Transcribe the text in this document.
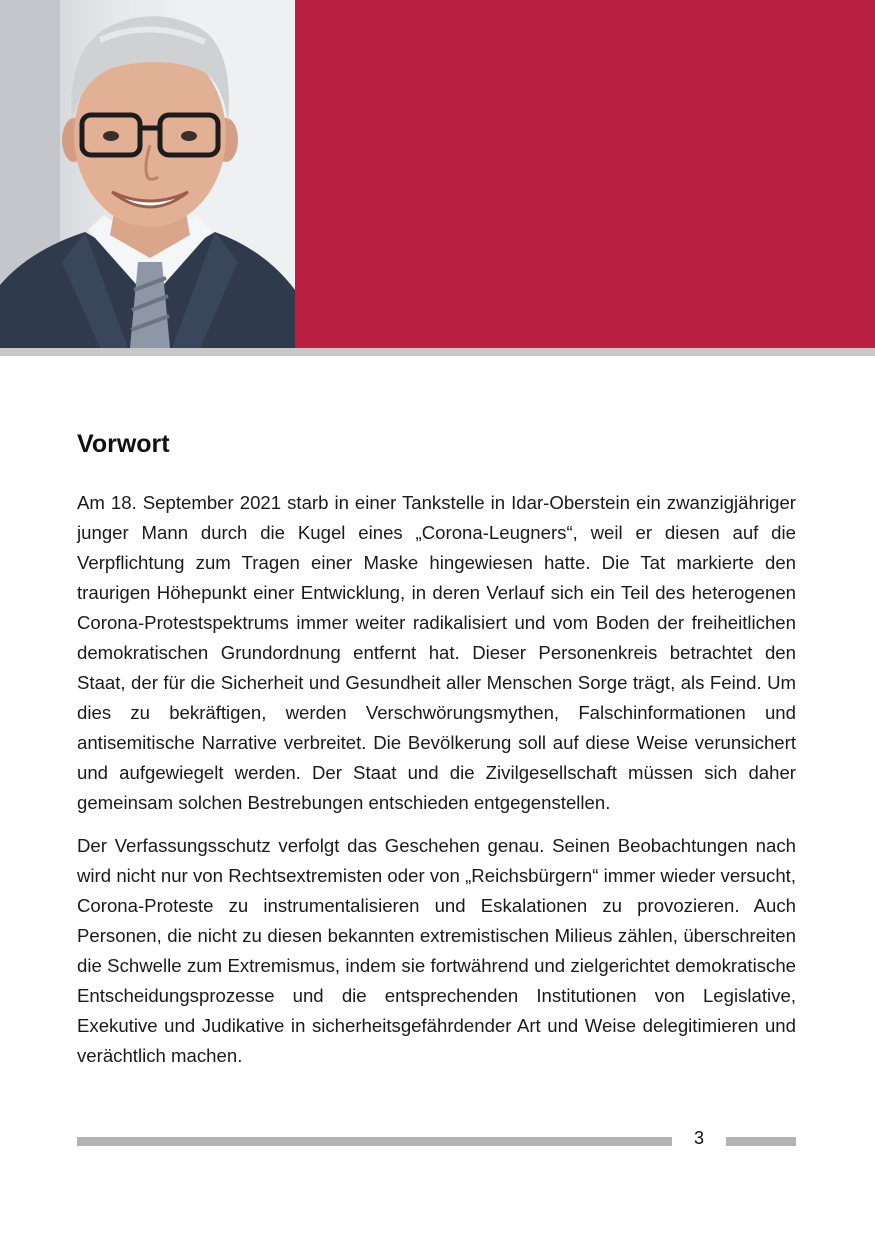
Vorwort

Am 18. September 2021 starb in einer Tankstelle in Idar-Oberstein ein zwanzigjähriger junger Mann durch die Kugel eines „Corona-Leugners“, weil er diesen auf die Verpflichtung zum Tragen einer Maske hingewiesen hatte. Die Tat markierte den traurigen Höhepunkt einer Entwicklung, in deren Verlauf sich ein Teil des heterogenen Corona-Protestspektrums immer weiter radikalisiert und vom Boden der freiheitlichen demokratischen Grundordnung entfernt hat. Dieser Personenkreis betrachtet den Staat, der für die Sicherheit und Gesundheit aller Menschen Sorge trägt, als Feind. Um dies zu bekräftigen, werden Verschwörungsmythen, Falschinformationen und antisemitische Narrative verbreitet. Die Bevölkerung soll auf diese Weise verunsichert und aufgewiegelt werden. Der Staat und die Zivilgesellschaft müssen sich daher gemeinsam solchen Bestrebungen entschieden entgegenstellen.

Der Verfassungsschutz verfolgt das Geschehen genau. Seinen Beobachtungen nach wird nicht nur von Rechtsextremisten oder von „Reichsbürgern“ immer wieder versucht, Corona-Proteste zu instrumentalisieren und Eskalationen zu provozieren. Auch Personen, die nicht zu diesen bekannten extremistischen Milieus zählen, überschreiten die Schwelle zum Extremismus, indem sie fortwährend und zielgerichtet demokratische Entscheidungsprozesse und die entsprechenden Institutionen von Legislative, Exekutive und Judikative in sicherheitsgefährdender Art und Weise delegitimieren und verächtlich machen.

3
